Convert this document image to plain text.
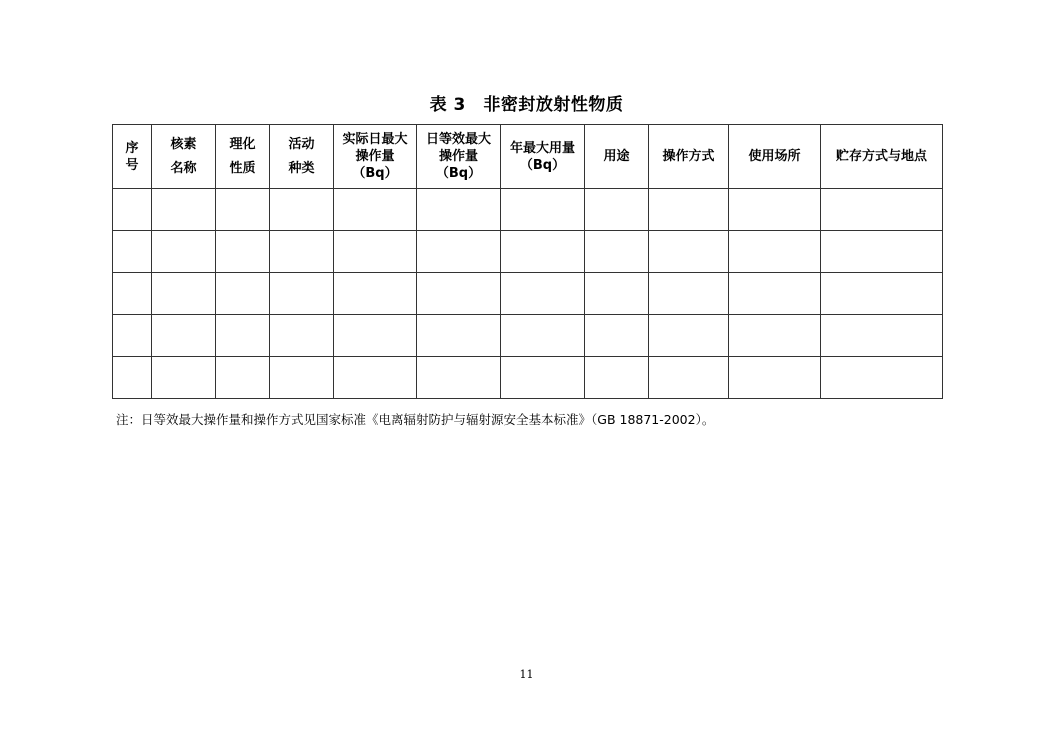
表 3　非密封放射性物质
序
号	核素
名称	理化
性质	活动
种类	实际日最大
操作量
（Bq）	日等效最大
操作量
（Bq）	年最大用量
（Bq）	用途	操作方式	使用场所	贮存方式与地点

注：日等效最大操作量和操作方式见国家标准《电离辐射防护与辐射源安全基本标准》（GB 18871-2002）。
11
